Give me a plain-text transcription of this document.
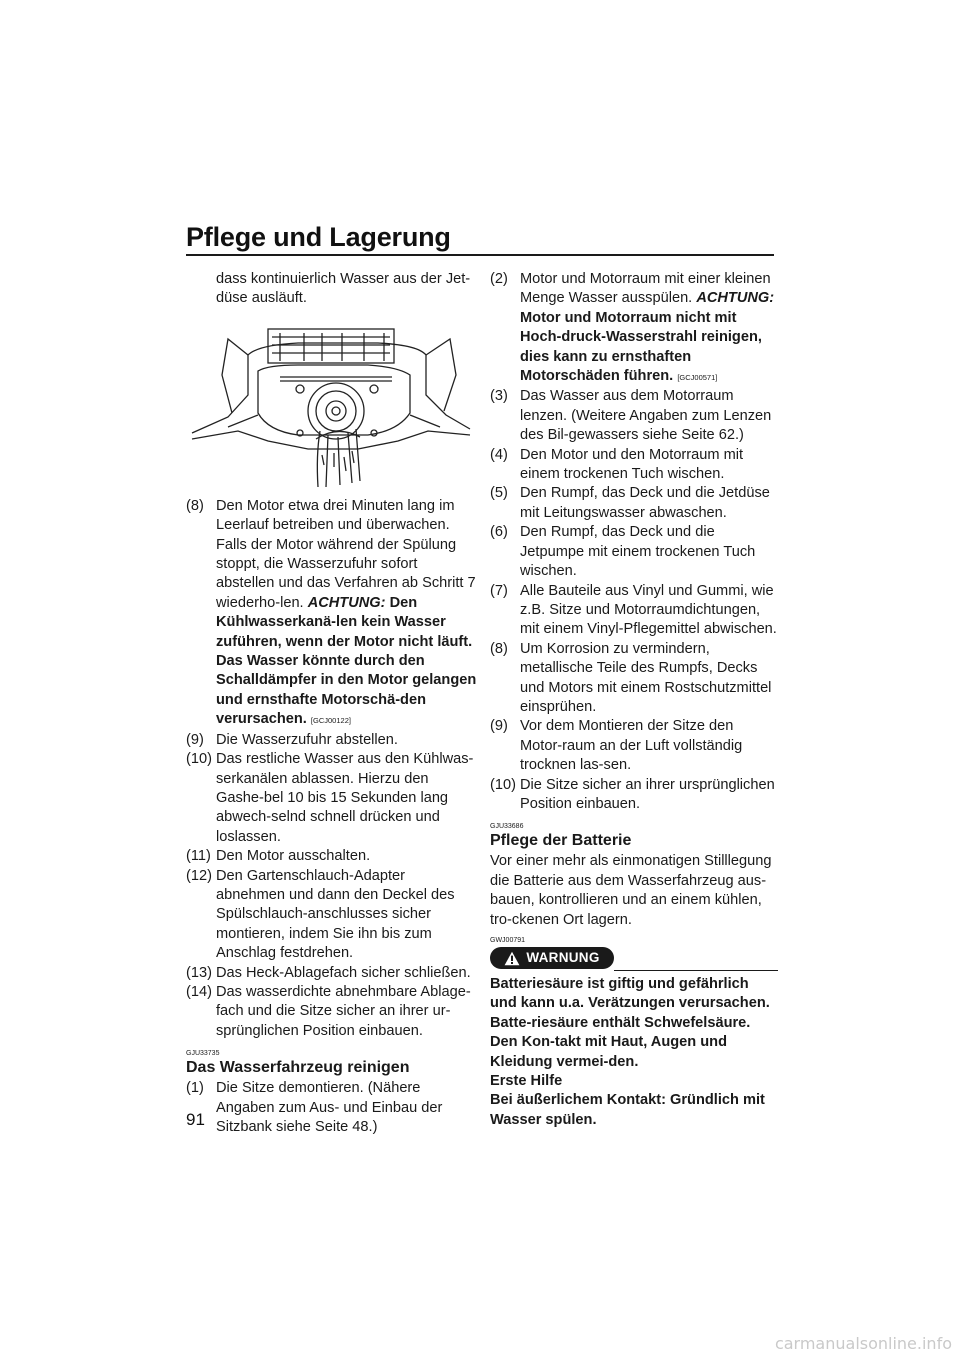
Pflege und Lagerung

dass kontinuierlich Wasser aus der Jet-düse ausläuft.

(8) Den Motor etwa drei Minuten lang im Leerlauf betreiben und überwachen. Falls der Motor während der Spülung stoppt, die Wasserzufuhr sofort abstellen und das Verfahren ab Schritt 7 wiederho-len. ACHTUNG: Den Kühlwasserkanä-len kein Wasser zuführen, wenn der Motor nicht läuft. Das Wasser könnte durch den Schalldämpfer in den Motor gelangen und ernsthafte Motorschä-den verursachen. [GCJ00122]

(9) Die Wasserzufuhr abstellen.

(10) Das restliche Wasser aus den Kühlwas-serkanälen ablassen. Hierzu den Gashe-bel 10 bis 15 Sekunden lang abwech-selnd schnell drücken und loslassen.

(11) Den Motor ausschalten.

(12) Den Gartenschlauch-Adapter abnehmen und dann den Deckel des Spülschlauch-anschlusses sicher montieren, indem Sie ihn bis zum Anschlag festdrehen.

(13) Das Heck-Ablagefach sicher schließen.

(14) Das wasserdichte abnehmbare Ablage-fach und die Sitze sicher an ihrer ur-sprünglichen Position einbauen.

GJU33735
Das Wasserfahrzeug reinigen

(1) Die Sitze demontieren. (Nähere Angaben zum Aus- und Einbau der Sitzbank siehe Seite 48.)

(2) Motor und Motorraum mit einer kleinen Menge Wasser ausspülen. ACHTUNG: Motor und Motorraum nicht mit Hoch-druck-Wasserstrahl reinigen, dies kann zu ernsthaften Motorschäden führen. [GCJ00571]

(3) Das Wasser aus dem Motorraum lenzen. (Weitere Angaben zum Lenzen des Bil-gewassers siehe Seite 62.)

(4) Den Motor und den Motorraum mit einem trockenen Tuch wischen.

(5) Den Rumpf, das Deck und die Jetdüse mit Leitungswasser abwaschen.

(6) Den Rumpf, das Deck und die Jetpumpe mit einem trockenen Tuch wischen.

(7) Alle Bauteile aus Vinyl und Gummi, wie z.B. Sitze und Motorraumdichtungen, mit einem Vinyl-Pflegemittel abwischen.

(8) Um Korrosion zu vermindern, metallische Teile des Rumpfs, Decks und Motors mit einem Rostschutzmittel einsprühen.

(9) Vor dem Montieren der Sitze den Motor-raum an der Luft vollständig trocknen las-sen.

(10) Die Sitze sicher an ihrer ursprünglichen Position einbauen.

GJU33686
Pflege der Batterie

Vor einer mehr als einmonatigen Stilllegung die Batterie aus dem Wasserfahrzeug aus-bauen, kontrollieren und an einem kühlen, tro-ckenen Ort lagern.

GWJ00791
WARNUNG

Batteriesäure ist giftig und gefährlich und kann u.a. Verätzungen verursachen. Batte-riesäure enthält Schwefelsäure. Den Kon-takt mit Haut, Augen und Kleidung vermei-den.

Erste Hilfe

Bei äußerlichem Kontakt: Gründlich mit Wasser spülen.

91
carmanualsonline.info
